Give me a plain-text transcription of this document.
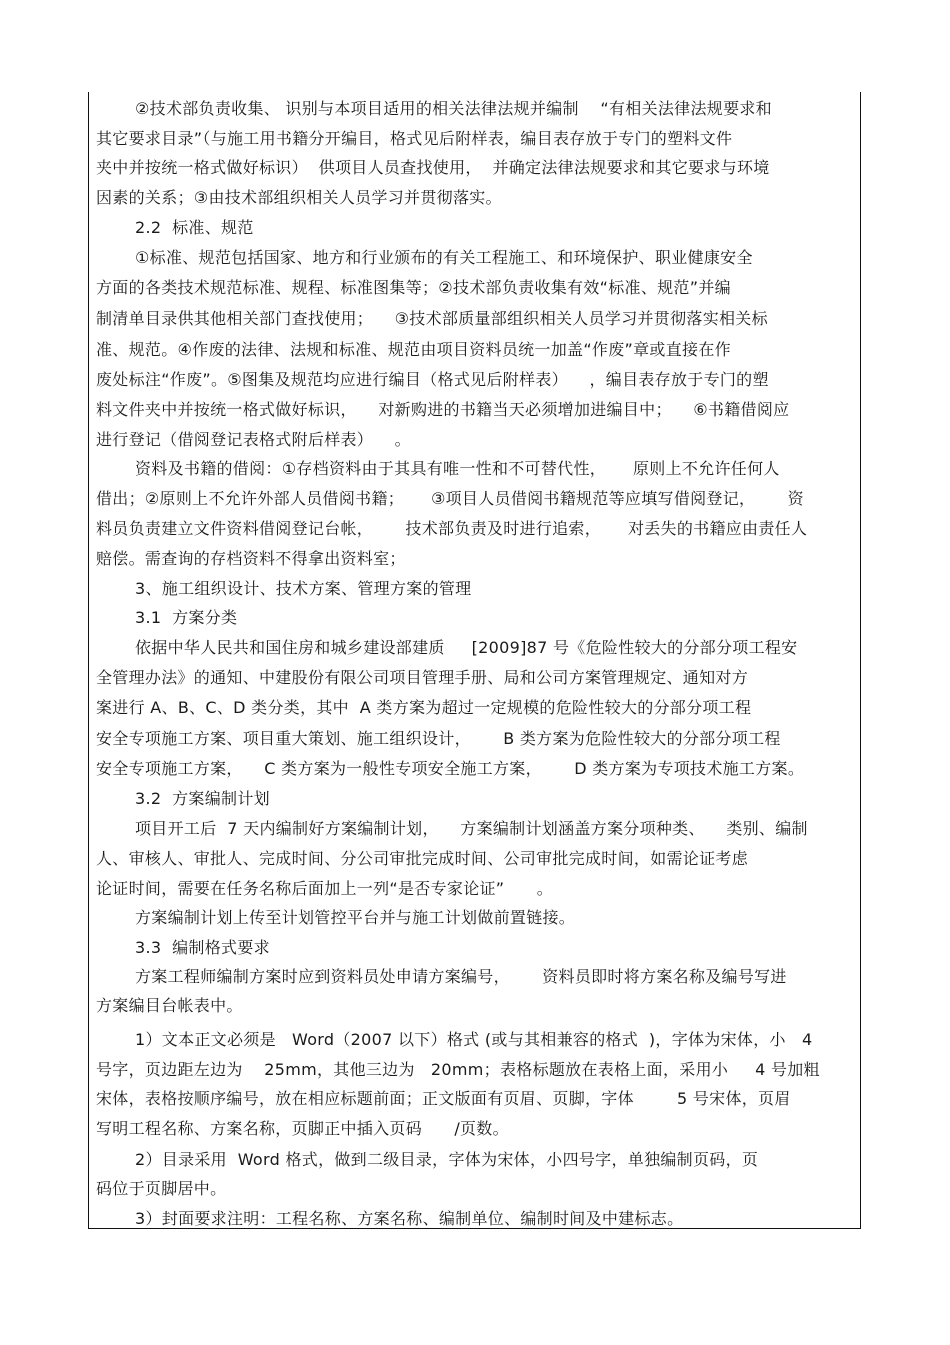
②技术部负责收集、 识别与本项目适用的相关法律法规并编制    “有相关法律法规要求和
其它要求目录”（与施工用书籍分开编目，格式见后附样表，编目表存放于专门的塑料文件
夹中并按统一格式做好标识）  供项目人员查找使用，  并确定法律法规要求和其它要求与环境
因素的关系；③由技术部组织相关人员学习并贯彻落实。
2.2  标准、规范
①标准、规范包括国家、地方和行业颁布的有关工程施工、和环境保护、职业健康安全
方面的各类技术规范标准、规程、标准图集等；②技术部负责收集有效“标准、规范”并编
制清单目录供其他相关部门查找使用；    ③技术部质量部组织相关人员学习并贯彻落实相关标
准、规范。④作废的法律、法规和标准、规范由项目资料员统一加盖“作废”章或直接在作
废处标注“作废”。⑤图集及规范均应进行编目（格式见后附样表）    ，编目表存放于专门的塑
料文件夹中并按统一格式做好标识，    对新购进的书籍当天必须增加进编目中；    ⑥书籍借阅应
进行登记（借阅登记表格式附后样表）    。
资料及书籍的借阅：①存档资料由于其具有唯一性和不可替代性，     原则上不允许任何人
借出；②原则上不允许外部人员借阅书籍；     ③项目人员借阅书籍规范等应填写借阅登记，      资
料员负责建立文件资料借阅登记台帐，      技术部负责及时进行追索，     对丢失的书籍应由责任人
赔偿。需查询的存档资料不得拿出资料室；
3、施工组织设计、技术方案、管理方案的管理
3.1  方案分类
依据中华人民共和国住房和城乡建设部建质     [2009]87 号《危险性较大的分部分项工程安
全管理办法》的通知、中建股份有限公司项目管理手册、局和公司方案管理规定、通知对方
案进行 A、B、C、D 类分类，其中  A 类方案为超过一定规模的危险性较大的分部分项工程
安全专项施工方案、项目重大策划、施工组织设计，      B 类方案为危险性较大的分部分项工程
安全专项施工方案，    C 类方案为一般性专项安全施工方案，      D 类方案为专项技术施工方案。
3.2  方案编制计划
项目开工后  7 天内编制好方案编制计划，    方案编制计划涵盖方案分项种类、    类别、编制
人、审核人、审批人、完成时间、分公司审批完成时间、公司审批完成时间，如需论证考虑
论证时间，需要在任务名称后面加上一列“是否专家论证”      。
方案编制计划上传至计划管控平台并与施工计划做前置链接。
3.3  编制格式要求
方案工程师编制方案时应到资料员处申请方案编号，      资料员即时将方案名称及编号写进
方案编目台帐表中。
1）文本正文必须是   Word（2007 以下）格式 (或与其相兼容的格式  )，字体为宋体，小   4
号字，页边距左边为    25mm，其他三边为   20mm；表格标题放在表格上面，采用小     4 号加粗
宋体，表格按顺序编号，放在相应标题前面；正文版面有页眉、页脚，字体        5 号宋体，页眉
写明工程名称、方案名称，页脚正中插入页码      /页数。
2）目录采用  Word 格式，做到二级目录，字体为宋体，小四号字，单独编制页码，页
码位于页脚居中。
3）封面要求注明：工程名称、方案名称、编制单位、编制时间及中建标志。
